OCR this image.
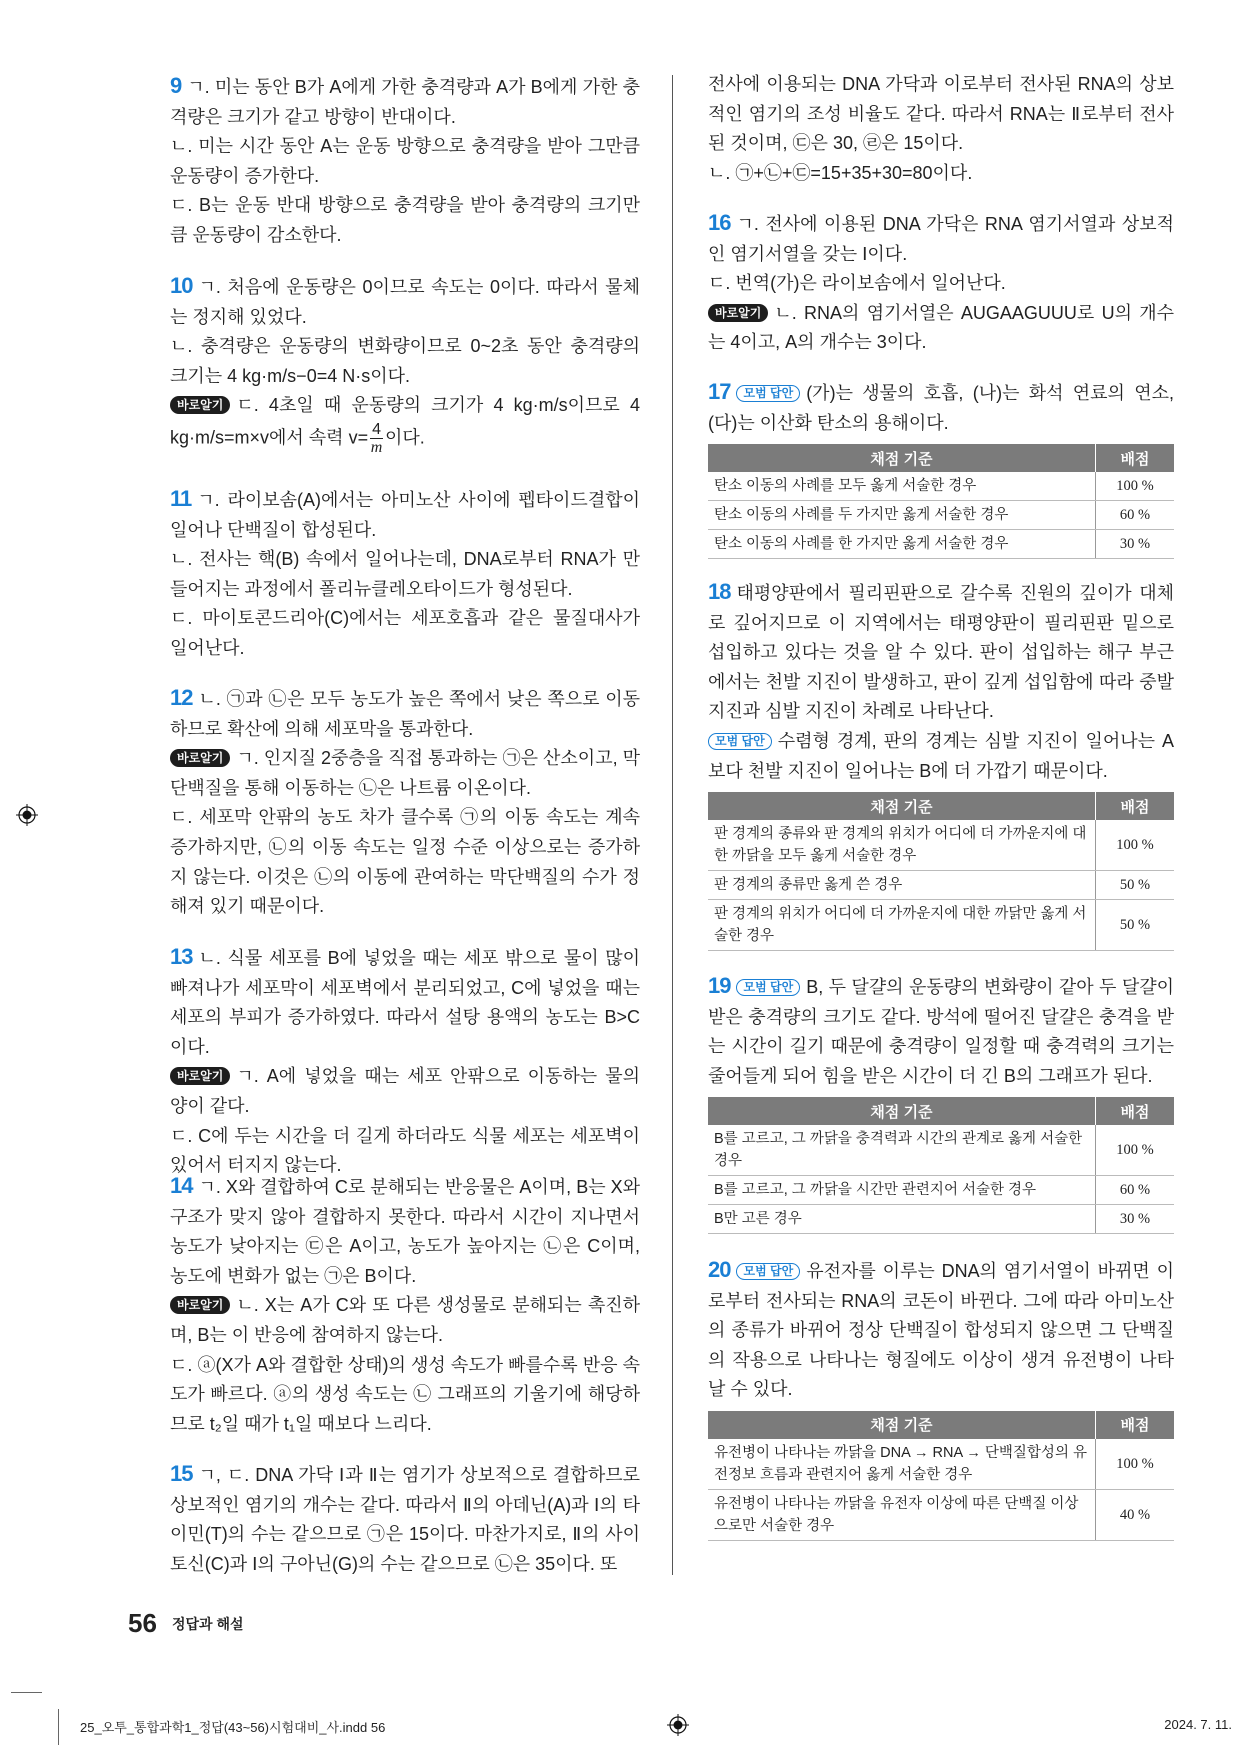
9 ㄱ. 미는 동안 B가 A에게 가한 충격량과 A가 B에게 가한 충격량은 크기가 같고 방향이 반대이다.

ㄴ. 미는 시간 동안 A는 운동 방향으로 충격량을 받아 그만큼 운동량이 증가한다.

ㄷ. B는 운동 반대 방향으로 충격량을 받아 충격량의 크기만큼 운동량이 감소한다.

10 ㄱ. 처음에 운동량은 0이므로 속도는 0이다. 따라서 물체는 정지해 있었다.

ㄴ. 충격량은 운동량의 변화량이므로 0~2초 동안 충격량의 크기는 4 kg·m/s−0=4 N·s이다.

바로알기 ㄷ. 4초일 때 운동량의 크기가 4 kg·m/s이므로 4 kg·m/s=m×v에서 속력 $v= \frac{4}{m}$ 이다.

11 ㄱ. 라이보솜(A)에서는 아미노산 사이에 펩타이드결합이 일어나 단백질이 합성된다.

ㄴ. 전사는 핵(B) 속에서 일어나는데, DNA로부터 RNA가 만들어지는 과정에서 폴리뉴클레오타이드가 형성된다.

ㄷ. 마이토콘드리아(C)에서는 세포호흡과 같은 물질대사가 일어난다.

12 ㄴ. ㉠과 ㉡은 모두 농도가 높은 쪽에서 낮은 쪽으로 이동하므로 확산에 의해 세포막을 통과한다.

바로알기 ㄱ. 인지질 2중층을 직접 통과하는 ㉠은 산소이고, 막단백질을 통해 이동하는 ㉡은 나트륨 이온이다.

ㄷ. 세포막 안팎의 농도 차가 클수록 ㉠의 이동 속도는 계속 증가하지만, ㉡의 이동 속도는 일정 수준 이상으로는 증가하지 않는다. 이것은 ㉡의 이동에 관여하는 막단백질의 수가 정해져 있기 때문이다.

13 ㄴ. 식물 세포를 B에 넣었을 때는 세포 밖으로 물이 많이 빠져나가 세포막이 세포벽에서 분리되었고, C에 넣었을 때는 세포의 부피가 증가하였다. 따라서 설탕 용액의 농도는 B>C이다.

바로알기 ㄱ. A에 넣었을 때는 세포 안팎으로 이동하는 물의 양이 같다.

ㄷ. C에 두는 시간을 더 길게 하더라도 식물 세포는 세포벽이 있어서 터지지 않는다.

14 ㄱ. X와 결합하여 C로 분해되는 반응물은 A이며, B는 X와 구조가 맞지 않아 결합하지 못한다. 따라서 시간이 지나면서 농도가 낮아지는 ㉢은 A이고, 농도가 높아지는 ㉡은 C이며, 농도에 변화가 없는 ㉠은 B이다.

바로알기 ㄴ. X는 A가 C와 또 다른 생성물로 분해되는 촉진하며, B는 이 반응에 참여하지 않는다.

ㄷ. ⓐ(X가 A와 결합한 상태)의 생성 속도가 빠를수록 반응 속도가 빠르다. ⓐ의 생성 속도는 ㉡ 그래프의 기울기에 해당하므로 t₂일 때가 t₁일 때보다 느리다.

15 ㄱ, ㄷ. DNA 가닥 Ⅰ과 Ⅱ는 염기가 상보적으로 결합하므로 상보적인 염기의 개수는 같다. 따라서 Ⅱ의 아데닌(A)과 Ⅰ의 타이민(T)의 수는 같으므로 ㉠은 15이다. 마찬가지로, Ⅱ의 사이토신(C)과 Ⅰ의 구아닌(G)의 수는 같으므로 ㉡은 35이다. 또

전사에 이용되는 DNA 가닥과 이로부터 전사된 RNA의 상보적인 염기의 조성 비율도 같다. 따라서 RNA는 Ⅱ로부터 전사된 것이며, ㉢은 30, ㉣은 15이다.

ㄴ. ㉠+㉡+㉢=15+35+30=80이다.

16 ㄱ. 전사에 이용된 DNA 가닥은 RNA 염기서열과 상보적인 염기서열을 갖는 Ⅰ이다.

ㄷ. 번역(가)은 라이보솜에서 일어난다.

바로알기 ㄴ. RNA의 염기서열은 AUGAAGUUU로 U의 개수는 4이고, A의 개수는 3이다.

17 모범 답안 (가)는 생물의 호흡, (나)는 화석 연료의 연소, (다)는 이산화 탄소의 용해이다.

채점 기준	배점
탄소 이동의 사례를 모두 옳게 서술한 경우	100 %
탄소 이동의 사례를 두 가지만 옳게 서술한 경우	60 %
탄소 이동의 사례를 한 가지만 옳게 서술한 경우	30 %

18 태평양판에서 필리핀판으로 갈수록 진원의 깊이가 대체로 깊어지므로 이 지역에서는 태평양판이 필리핀판 밑으로 섭입하고 있다는 것을 알 수 있다. 판이 섭입하는 해구 부근에서는 천발 지진이 발생하고, 판이 깊게 섭입함에 따라 중발 지진과 심발 지진이 차례로 나타난다.

모범 답안 수렴형 경계, 판의 경계는 심발 지진이 일어나는 A보다 천발 지진이 일어나는 B에 더 가깝기 때문이다.

채점 기준	배점
판 경계의 종류와 판 경계의 위치가 어디에 더 가까운지에 대한 까닭을 모두 옳게 서술한 경우	100 %
판 경계의 종류만 옳게 쓴 경우	50 %
판 경계의 위치가 어디에 더 가까운지에 대한 까닭만 옳게 서술한 경우	50 %

19 모범 답안 B, 두 달걀의 운동량의 변화량이 같아 두 달걀이 받은 충격량의 크기도 같다. 방석에 떨어진 달걀은 충격을 받는 시간이 길기 때문에 충격량이 일정할 때 충격력의 크기는 줄어들게 되어 힘을 받은 시간이 더 긴 B의 그래프가 된다.

채점 기준	배점
B를 고르고, 그 까닭을 충격력과 시간의 관계로 옳게 서술한 경우	100 %
B를 고르고, 그 까닭을 시간만 관련지어 서술한 경우	60 %
B만 고른 경우	30 %

20 모범 답안 유전자를 이루는 DNA의 염기서열이 바뀌면 이로부터 전사되는 RNA의 코돈이 바뀐다. 그에 따라 아미노산의 종류가 바뀌어 정상 단백질이 합성되지 않으면 그 단백질의 작용으로 나타나는 형질에도 이상이 생겨 유전병이 나타날 수 있다.

채점 기준	배점
유전병이 나타나는 까닭을 DNA → RNA → 단백질합성의 유전정보 흐름과 관련지어 옳게 서술한 경우	100 %
유전병이 나타나는 까닭을 유전자 이상에 따른 단백질 이상으로만 서술한 경우	40 %
56 정답과 해설
25_오투_통합과학1_정답(43~56)시험대비_사.indd 56	2024. 7. 11.
